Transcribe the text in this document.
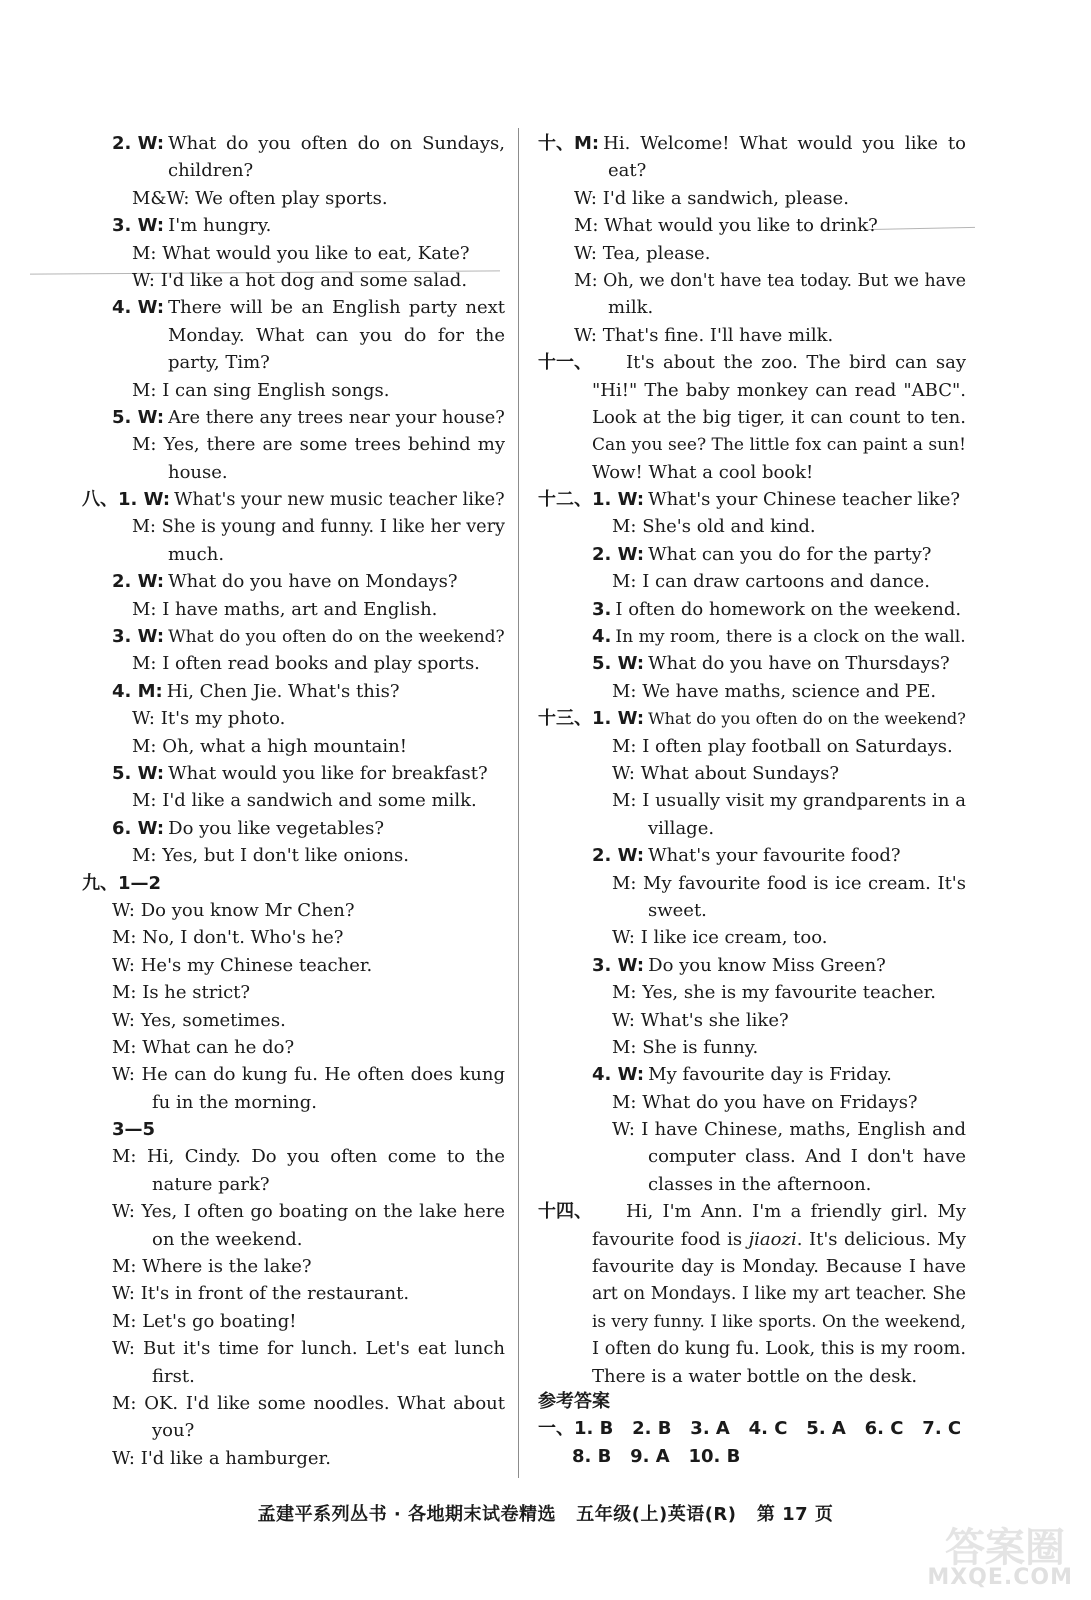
2. W: What do you often do on Sundays,
children?
M&W: We often play sports.
3. W: I'm hungry.
M: What would you like to eat, Kate?
W: I'd like a hot dog and some salad.
4. W: There will be an English party next
Monday. What can you do for the
party, Tim?
M: I can sing English songs.
5. W: Are there any trees near your house?
M: Yes, there are some trees behind my
house.
八、1. W: What's your new music teacher like?
M: She is young and funny. I like her very
much.
2. W: What do you have on Mondays?
M: I have maths, art and English.
3. W: What do you often do on the weekend?
M: I often read books and play sports.
4. M: Hi, Chen Jie. What's this?
W: It's my photo.
M: Oh, what a high mountain!
5. W: What would you like for breakfast?
M: I'd like a sandwich and some milk.
6. W: Do you like vegetables?
M: Yes, but I don't like onions.
九、1—2
W: Do you know Mr Chen?
M: No, I don't. Who's he?
W: He's my Chinese teacher.
M: Is he strict?
W: Yes, sometimes.
M: What can he do?
W: He can do kung fu. He often does kung
fu in the morning.
3—5
M: Hi, Cindy. Do you often come to the
nature park?
W: Yes, I often go boating on the lake here
on the weekend.
M: Where is the lake?
W: It's in front of the restaurant.
M: Let's go boating!
W: But it's time for lunch. Let's eat lunch
first.
M: OK. I'd like some noodles. What about
you?
W: I'd like a hamburger.
十、M: Hi. Welcome! What would you like to
eat?
W: I'd like a sandwich, please.
M: What would you like to drink?
W: Tea, please.
M: Oh, we don't have tea today. But we have
milk.
W: That's fine. I'll have milk.
十一、 It's about the zoo. The bird can say
"Hi!" The baby monkey can read "ABC".
Look at the big tiger, it can count to ten.
Can you see? The little fox can paint a sun!
Wow! What a cool book!
十二、1. W: What's your Chinese teacher like?
M: She's old and kind.
2. W: What can you do for the party?
M: I can draw cartoons and dance.
3. I often do homework on the weekend.
4. In my room, there is a clock on the wall.
5. W: What do you have on Thursdays?
M: We have maths, science and PE.
十三、1. W: What do you often do on the weekend?
M: I often play football on Saturdays.
W: What about Sundays?
M: I usually visit my grandparents in a
village.
2. W: What's your favourite food?
M: My favourite food is ice cream. It's
sweet.
W: I like ice cream, too.
3. W: Do you know Miss Green?
M: Yes, she is my favourite teacher.
W: What's she like?
M: She is funny.
4. W: My favourite day is Friday.
M: What do you have on Fridays?
W: I have Chinese, maths, English and
computer class. And I don't have
classes in the afternoon.
十四、 Hi, I'm Ann. I'm a friendly girl. My
favourite food is jiaozi. It's delicious. My
favourite day is Monday. Because I have
art on Mondays. I like my art teacher. She
is very funny. I like sports. On the weekend,
I often do kung fu. Look, this is my room.
There is a water bottle on the desk.
参考答案
一、1. B   2. B   3. A   4. C   5. A   6. C   7. C
8. B   9. A   10. B
孟建平系列丛书 · 各地期末试卷精选   五年级(上)英语(R)   第 17 页
答案圈
MXQE.COM
